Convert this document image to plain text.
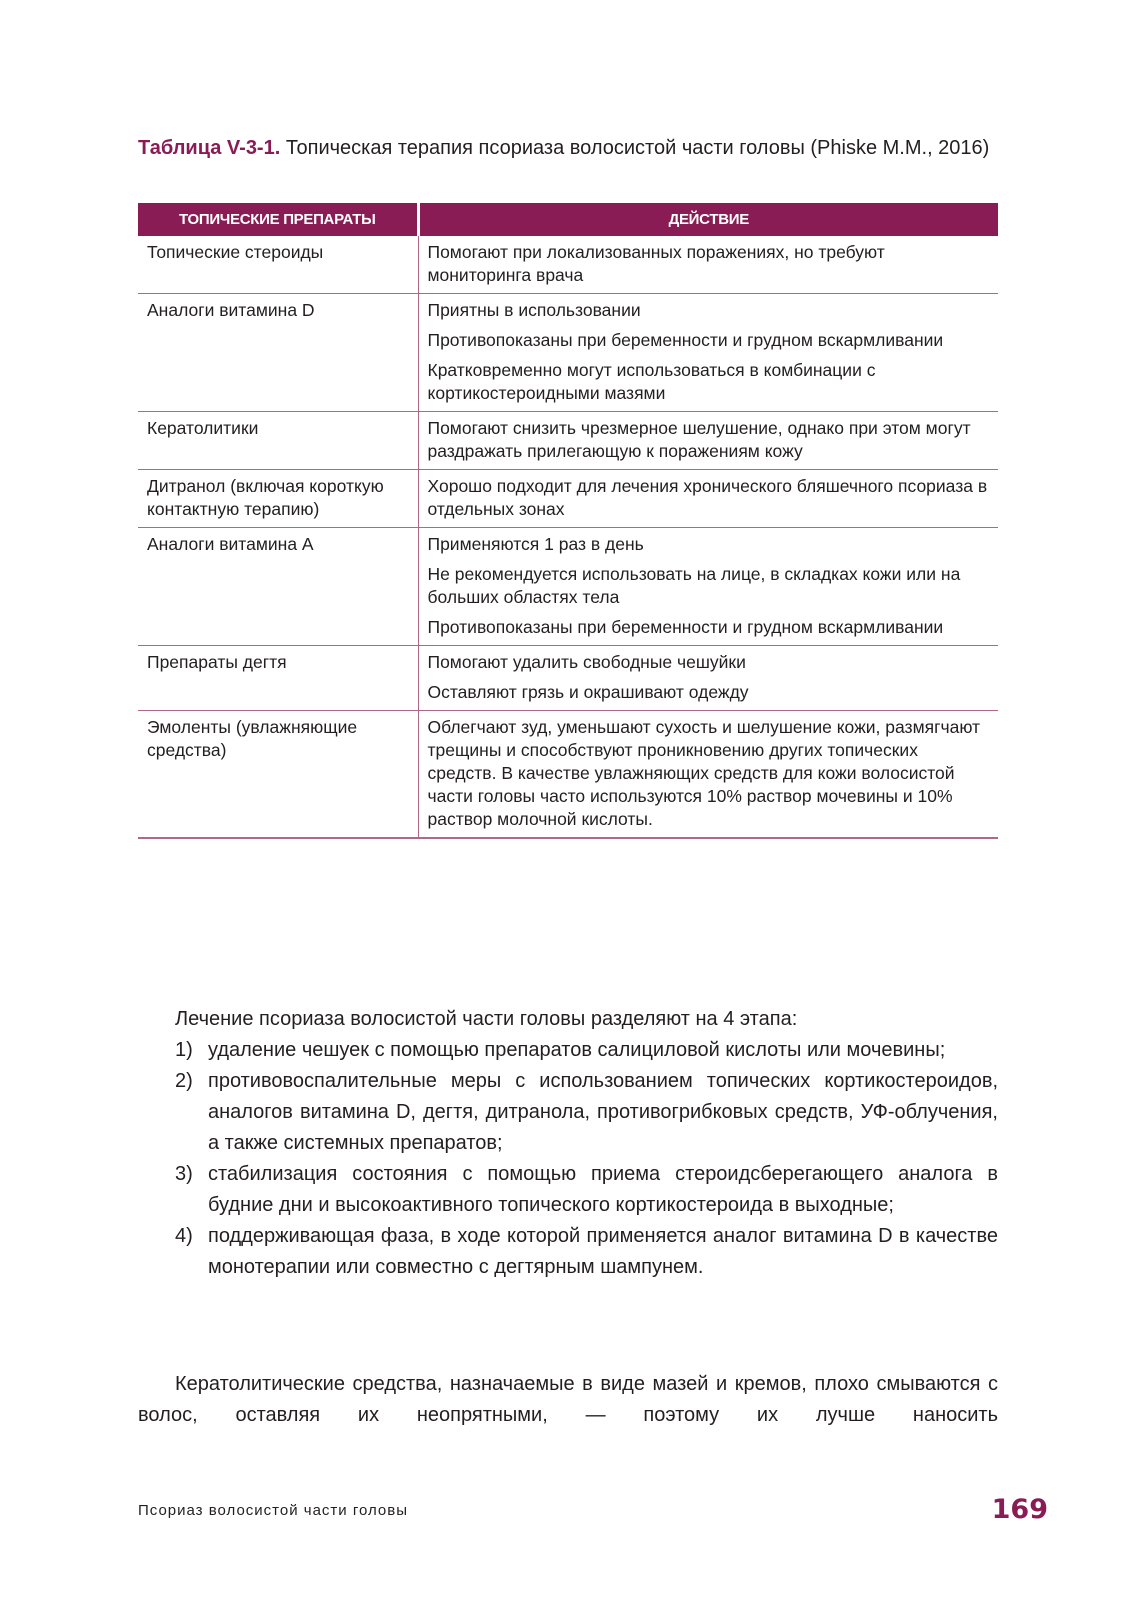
Таблица V-3-1. Топическая терапия псориаза волосистой части головы (Phiske M.M., 2016)
ТОПИЧЕСКИЕ ПРЕПАРАТЫ	ДЕЙСТВИЕ
Топические стероиды	Помогают при локализованных поражениях, но требуют мониторинга врача

Аналоги витамина D	Приятны в использовании
Противопоказаны при беременности и грудном вскармливании
Кратковременно могут использоваться в комбинации с кортикостероидными мазями

Кератолитики	Помогают снизить чрезмерное шелушение, однако при этом могут раздражать прилегающую к поражениям кожу

Дитранол (включая короткую контактную терапию)	Хорошо подходит для лечения хронического бляшечного псориаза в отдельных зонах

Аналоги витамина А	Применяются 1 раз в день
Не рекомендуется использовать на лице, в складках кожи или на больших областях тела
Противопоказаны при беременности и грудном вскармливании

Препараты дегтя	Помогают удалить свободные чешуйки
Оставляют грязь и окрашивают одежду

Эмоленты (увлажняющие средства)	Облегчают зуд, уменьшают сухость и шелушение кожи, размягчают трещины и способствуют проникновению других топических средств. В качестве увлажняющих средств для кожи волосистой части головы часто используются 10% раствор мочевины и 10% раствор молочной кислоты.
Лечение псориаза волосистой части головы разделяют на 4 этапа:
1) удаление чешуек с помощью препаратов салициловой кислоты или мочевины;
2) противовоспалительные меры с использованием топических кортикостероидов, аналогов витамина D, дегтя, дитранола, противогрибковых средств, УФ-облучения, а также системных препаратов;
3) стабилизация состояния с помощью приема стероидсберегающего аналога в будние дни и высокоактивного топического кортикостероида в выходные;
4) поддерживающая фаза, в ходе которой применяется аналог витамина D в качестве монотерапии или совместно с дегтярным шампунем.
Кератолитические средства, назначаемые в виде мазей и кремов, плохо смываются с волос, оставляя их неопрятными, — поэтому их лучше наносить
Псориаз волосистой части головы	169
